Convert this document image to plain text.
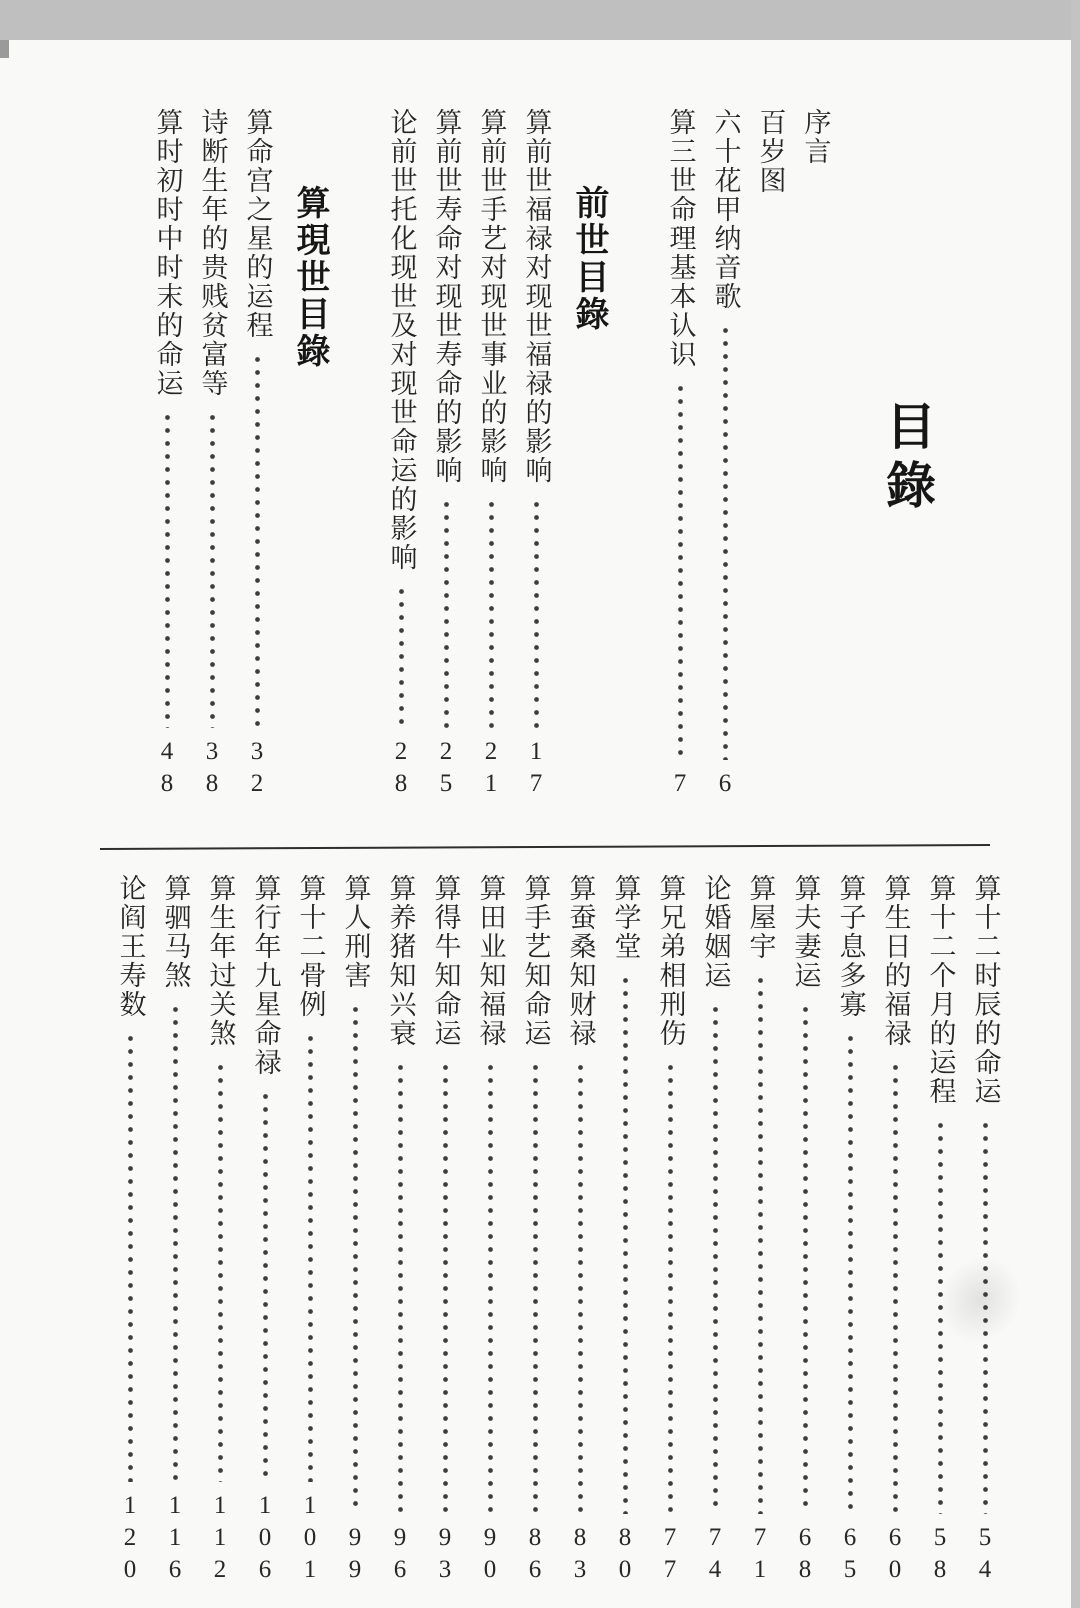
目錄
序言
百岁图
六十花甲纳音歌
6
算三世命理基本认识
7
前世目錄
算前世福禄对现世福禄的影响
17
算前世手艺对现世事业的影响
21
算前世寿命对现世寿命的影响
25
论前世托化现世及对现世命运的影响
28
算現世目錄
算命宫之星的运程
32
诗断生年的贵贱贫富等
38
算时初时中时末的命运
48
算十二时辰的命运
54
算十二个月的运程
58
算生日的福禄
60
算子息多寡
65
算夫妻运
68
算屋宇
71
论婚姻运
74
算兄弟相刑伤
77
算学堂
80
算蚕桑知财禄
83
算手艺知命运
86
算田业知福禄
90
算得牛知命运
93
算养猪知兴衰
96
算人刑害
99
算十二骨例
101
算行年九星命禄
106
算生年过关煞
112
算驷马煞
116
论阎王寿数
120
